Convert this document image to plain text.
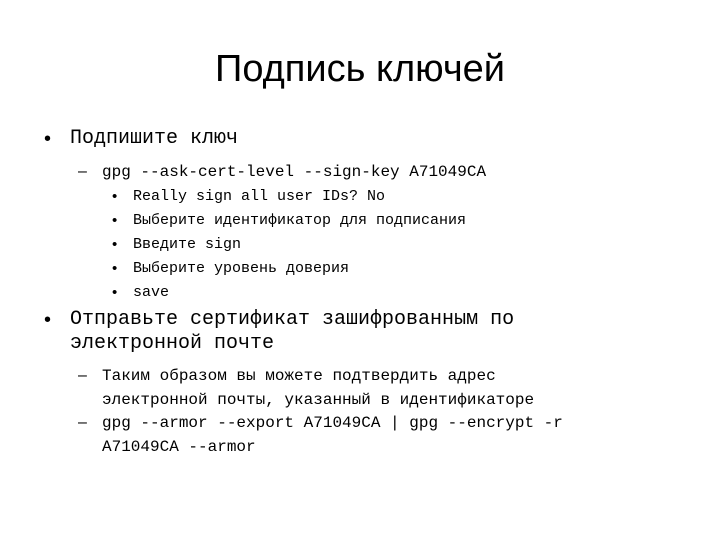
Подпись ключей
• Подпишите ключ
– gpg --ask-cert-level --sign-key A71049CA
• Really sign all user IDs? No
• Выберите идентификатор для подписания
• Введите sign
• Выберите уровень доверия
• save
• Отправьте сертификат зашифрованным по
электронной почте
– Таким образом вы можете подтвердить адрес
электронной почты, указанный в идентификаторе
– gpg --armor --export A71049CA | gpg --encrypt -r
A71049CA --armor
